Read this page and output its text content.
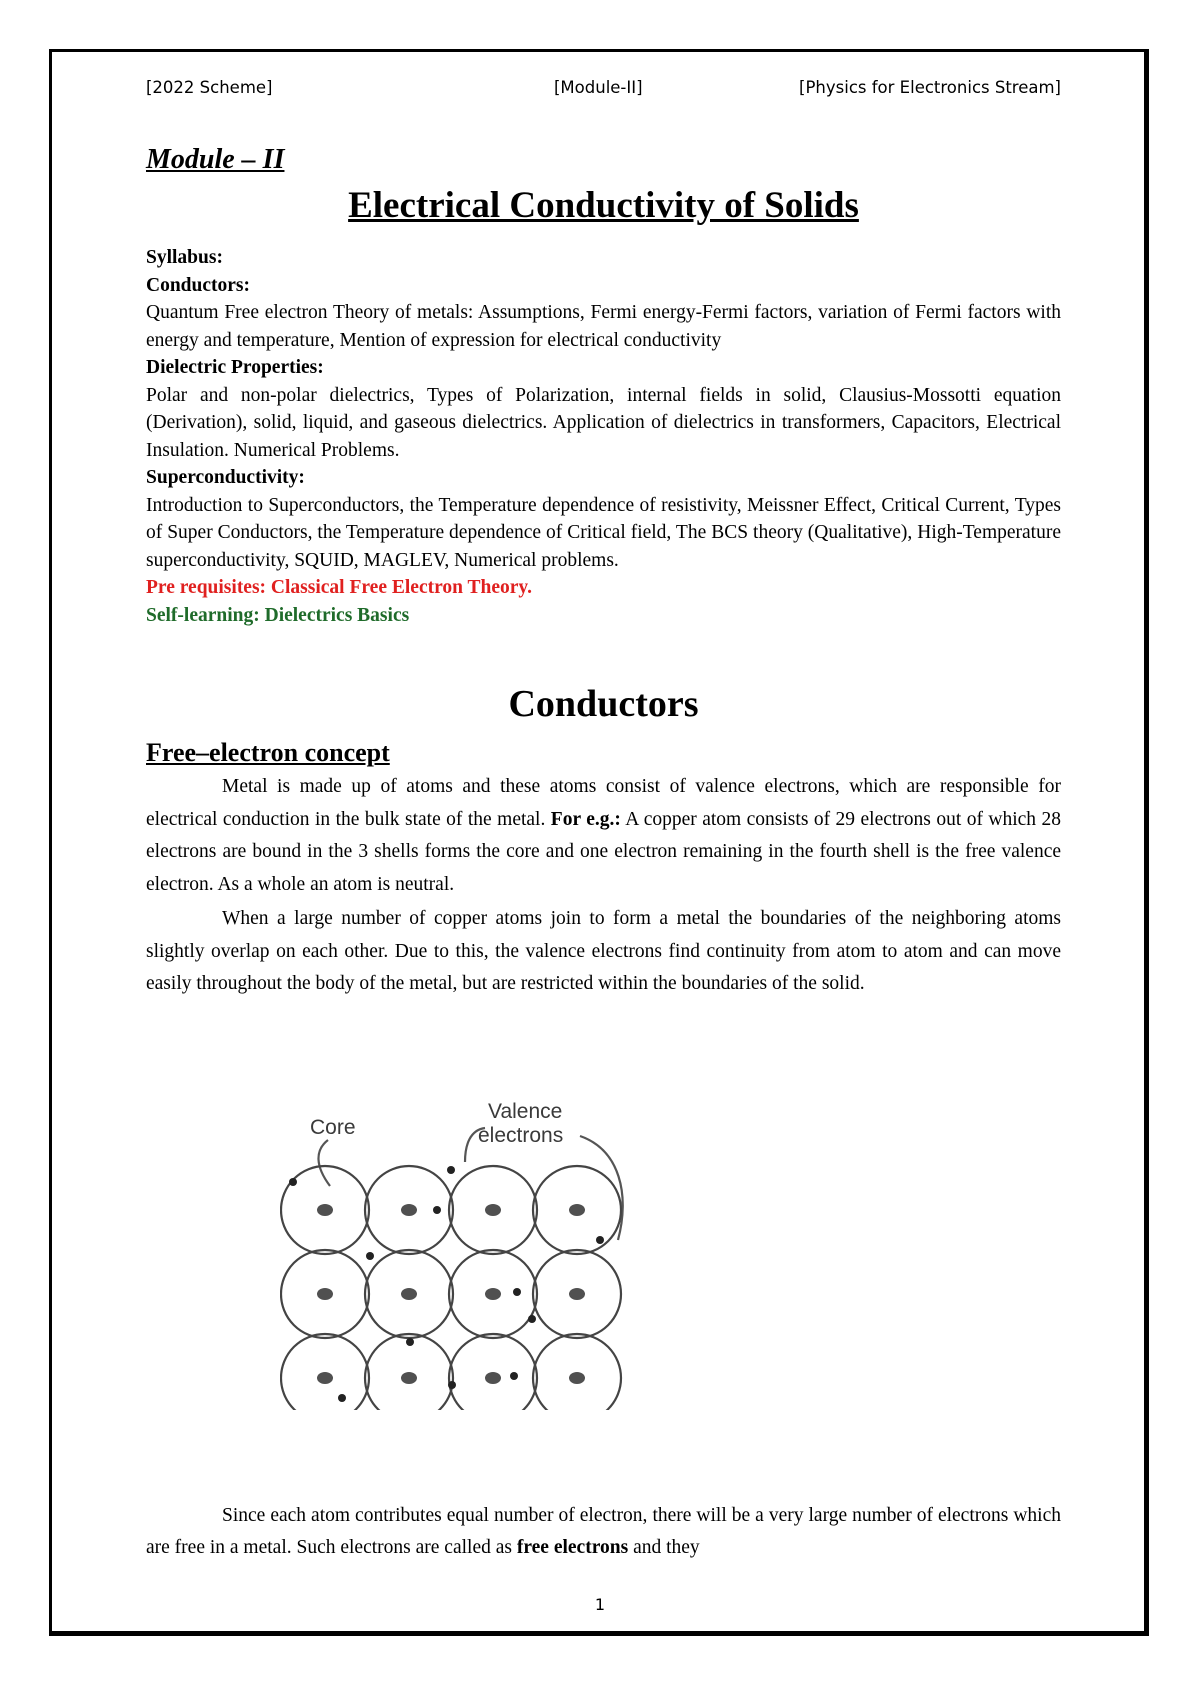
[2022 Scheme]	[Module-II]	[Physics for Electronics Stream]
Module – II
Electrical Conductivity of Solids
Syllabus:
Conductors:

Quantum Free electron Theory of metals: Assumptions, Fermi energy-Fermi factors, variation of Fermi factors with energy and temperature, Mention of expression for electrical conductivity

Dielectric Properties:

Polar and non-polar dielectrics, Types of Polarization, internal fields in solid, Clausius-Mossotti equation (Derivation), solid, liquid, and gaseous dielectrics. Application of dielectrics in transformers, Capacitors, Electrical Insulation. Numerical Problems.

Superconductivity:

Introduction to Superconductors, the Temperature dependence of resistivity, Meissner Effect, Critical Current, Types of Super Conductors, the Temperature dependence of Critical field, The BCS theory (Qualitative), High-Temperature superconductivity, SQUID, MAGLEV, Numerical problems.

Pre requisites: Classical Free Electron Theory.
Self-learning: Dielectrics Basics
Conductors
Free–electron concept

Metal is made up of atoms and these atoms consist of valence electrons, which are responsible for electrical conduction in the bulk state of the metal. For e.g.: A copper atom consists of 29 electrons out of which 28 electrons are bound in the 3 shells forms the core and one electron remaining in the fourth shell is the free valence electron. As a whole an atom is neutral.

When a large number of copper atoms join to form a metal the boundaries of the neighboring atoms slightly overlap on each other. Due to this, the valence electrons find continuity from atom to atom and can move easily throughout the body of the metal, but are restricted within the boundaries of the solid.

Core
Valence
electrons

Since each atom contributes equal number of electron, there will be a very large number of electrons which are free in a metal. Such electrons are called as free electrons and they

1
